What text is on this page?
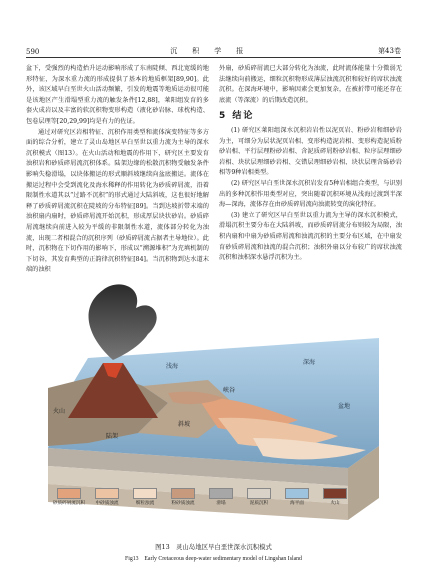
590	沉　积　学　报	第43卷

盆下，受强烈的构造抬升运动影响形成了东南陡倾、西北宽缓的地形特征，为深水重力流的形成提供了基本的地质框架[89,90]。此外，该区域早白垩世火山活动频繁，引发的地震等地质运动很可能是该地区产生滑塌型重力流的触发条件[12,88]，莱阳组发育的多套火成岩以及丰富的软沉积物变形构造（液化砂岩脉、球枕构造、包卷层理等[20,29,99]均是有力的佐证。

通过对研究区岩相特征、沉积作用类型和流体演变特征等多方面的综合分析，建立了灵山岛地区早白垩世以重力流为主导的深水沉积模式（图13）。在火山活动和地震的作用下，研究区主要发育浊积岩和砂质碎屑流沉积体系。陆架边缘的松散沉积物受触发条件影响失稳滑塌，以块体搬运的形式顺斜坡继续向盆底搬运。流体在搬运过程中会受到流化及海水稀释的作用转化为砂质碎屑流，沿着限制性水道其以“过路不沉积”的形式通过大陆斜坡，这也很好地解释了砂质碎屑流沉积在陡坡的分布特征[89]。当到达坡折带末端的浊积扇内扇时，砂质碎屑流开始沉积，形成厚层块状砂岩。砂质碎屑流继续向前进入较为平缓的非限制性水道，流体部分转化为浊流，出现二者相混合的沉积序列（砂质碎屑流占据者主导地位）。此时，沉积物在下切作用的影响下，形成以“溯源堆积”为充填机制的下切谷，其发育典型的正韵律沉积特征[84]。当沉积物到达水道末端的浊积

外扇，砂质碎屑流已大部分转化为浊流，此时流体能量十分微弱无法继续向前搬运，细粒沉积物形成薄层浊流沉积和较好的席状浊流沉积。在深海环境中，影响因素会更加复杂，在被折带可能还存在底流（等深流）的后期改造沉积。

5 结论

(1) 研究区莱阳组深水沉积岩岩性以泥页岩、粉砂岩和细砂岩为主，可细分为层状泥页岩相、变形构造泥岩相、变形构造泥质粉砂岩相、平行层理粉砂岩相、含泥质碎屑粉砂岩相、粒序层理细砂岩相、块状层理细砂岩相、交错层理细砂岩相、块状层理含砾砂岩相等9种岩相类型。

(2) 研究区早白垩世深水沉积岩发育5种岩相组合类型，与识别出的多种沉积作用类型对应，突出随着沉积环境从浅海过渡到半深海—深海，流体存在由砂质碎屑流向浊流转变的演化特征。

(3) 建立了研究区早白垩世以重力流为主导的深水沉积模式，滑塌沉积主要分布在大陆斜坡，而砂质碎屑流分布则较为局限，浊积内扇和中扇为砂质碎屑流和浊流沉积的主要分布区域，在中扇发育砂质碎屑流和浊流的混合沉积；浊积外扇以分布较广的席状浊流沉积和浊积深水悬浮沉积为主。

浅海
深海
盆地
火山
陆架
斜坡
峡谷
砂质碎屑流沉积	中砂质浊流	细粒浊流	粉砂质浊流	滑塌	泥质沉积	海平面	火山
图13　灵山岛地区早白垩世深水沉积模式
Fig13　Early Cretaceous deep-water sedimentary model of Lingshan Island
